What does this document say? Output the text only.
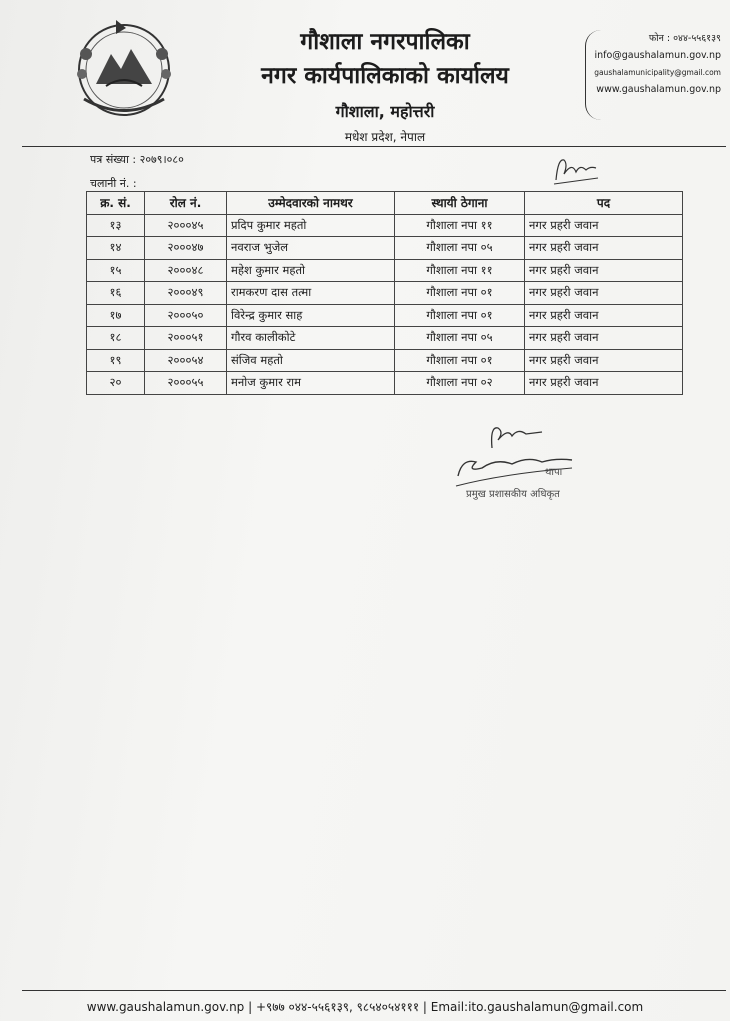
गौशाला नगरपालिका
नगर कार्यपालिकाको कार्यालय
गौशाला, महोत्तरी
मधेश प्रदेश, नेपाल
फोन : ०४४-५५६१३९
info@gaushalamun.gov.np
gaushalamunicipality@gmail.com
www.gaushalamun.gov.np
पत्र संख्या : २०७९।०८०
चलानी नं. :
क्र. सं.	रोल नं.	उम्मेदवारको नामथर	स्थायी ठेगाना	पद
१३	२०००४५	प्रदिप कुमार महतो	गौशाला नपा ११	नगर प्रहरी जवान
१४	२०००४७	नवराज भुजेल	गौशाला नपा ०५	नगर प्रहरी जवान
१५	२०००४८	महेश कुमार महतो	गौशाला नपा ११	नगर प्रहरी जवान
१६	२०००४९	रामकरण दास तत्मा	गौशाला नपा ०१	नगर प्रहरी जवान
१७	२०००५०	विरेन्द्र कुमार साह	गौशाला नपा ०१	नगर प्रहरी जवान
१८	२०००५१	गौरव कालीकोटे	गौशाला नपा ०५	नगर प्रहरी जवान
१९	२०००५४	संजिव महतो	गौशाला नपा ०१	नगर प्रहरी जवान
२०	२०००५५	मनोज कुमार राम	गौशाला नपा ०२	नगर प्रहरी जवान
थापा
प्रमुख प्रशासकीय अधिकृत
www.gaushalamun.gov.np | +९७७ ०४४-५५६१३९, ९८५४०५४१११ | Email:ito.gaushalamun@gmail.com
